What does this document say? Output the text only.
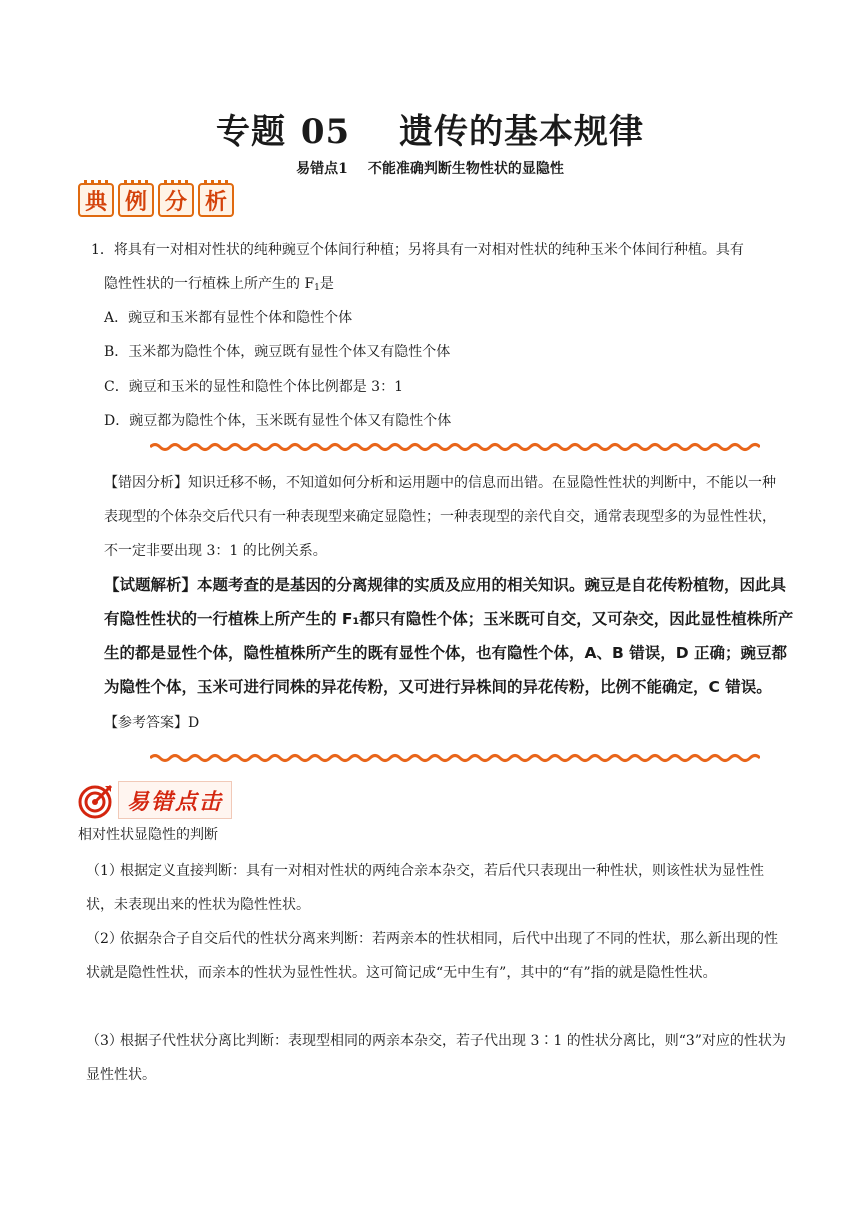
专题 05 遗传的基本规律
易错点1 不能准确判断生物性状的显隐性
典 例 分 析
1．将具有一对相对性状的纯种豌豆个体间行种植；另将具有一对相对性状的纯种玉米个体间行种植。具有
隐性性状的一行植株上所产生的 $F_1$是
A．豌豆和玉米都有显性个体和隐性个体
B．玉米都为隐性个体，豌豆既有显性个体又有隐性个体
C．豌豆和玉米的显性和隐性个体比例都是 3：1
D．豌豆都为隐性个体，玉米既有显性个体又有隐性个体
【错因分析】知识迁移不畅，不知道如何分析和运用题中的信息而出错。在显隐性性状的判断中，不能以一种表现型的个体杂交后代只有一种表现型来确定显隐性；一种表现型的亲代自交，通常表现型多的为显性性状，不一定非要出现 3：1 的比例关系。
【试题解析】本题考查的是基因的分离规律的实质及应用的相关知识。豌豆是自花传粉植物，因此具有隐性性状的一行植株上所产生的 F₁都只有隐性个体；玉米既可自交，又可杂交，因此显性植株所产生的都是显性个体，隐性植株所产生的既有显性个体，也有隐性个体，A、B 错误，D 正确；豌豆都为隐性个体，玉米可进行同株的异花传粉，又可进行异株间的异花传粉，比例不能确定，C 错误。
【参考答案】D
易错点击
相对性状显隐性的判断
（1）根据定义直接判断：具有一对相对性状的两纯合亲本杂交，若后代只表现出一种性状，则该性状为显性性状，未表现出来的性状为隐性性状。
（2）依据杂合子自交后代的性状分离来判断：若两亲本的性状相同，后代中出现了不同的性状，那么新出现的性状就是隐性性状，而亲本的性状为显性性状。这可简记成“无中生有”，其中的“有”指的就是隐性性状。
（3）根据子代性状分离比判断：表现型相同的两亲本杂交，若子代出现 3∶1 的性状分离比，则“3”对应的性状为显性性状。
